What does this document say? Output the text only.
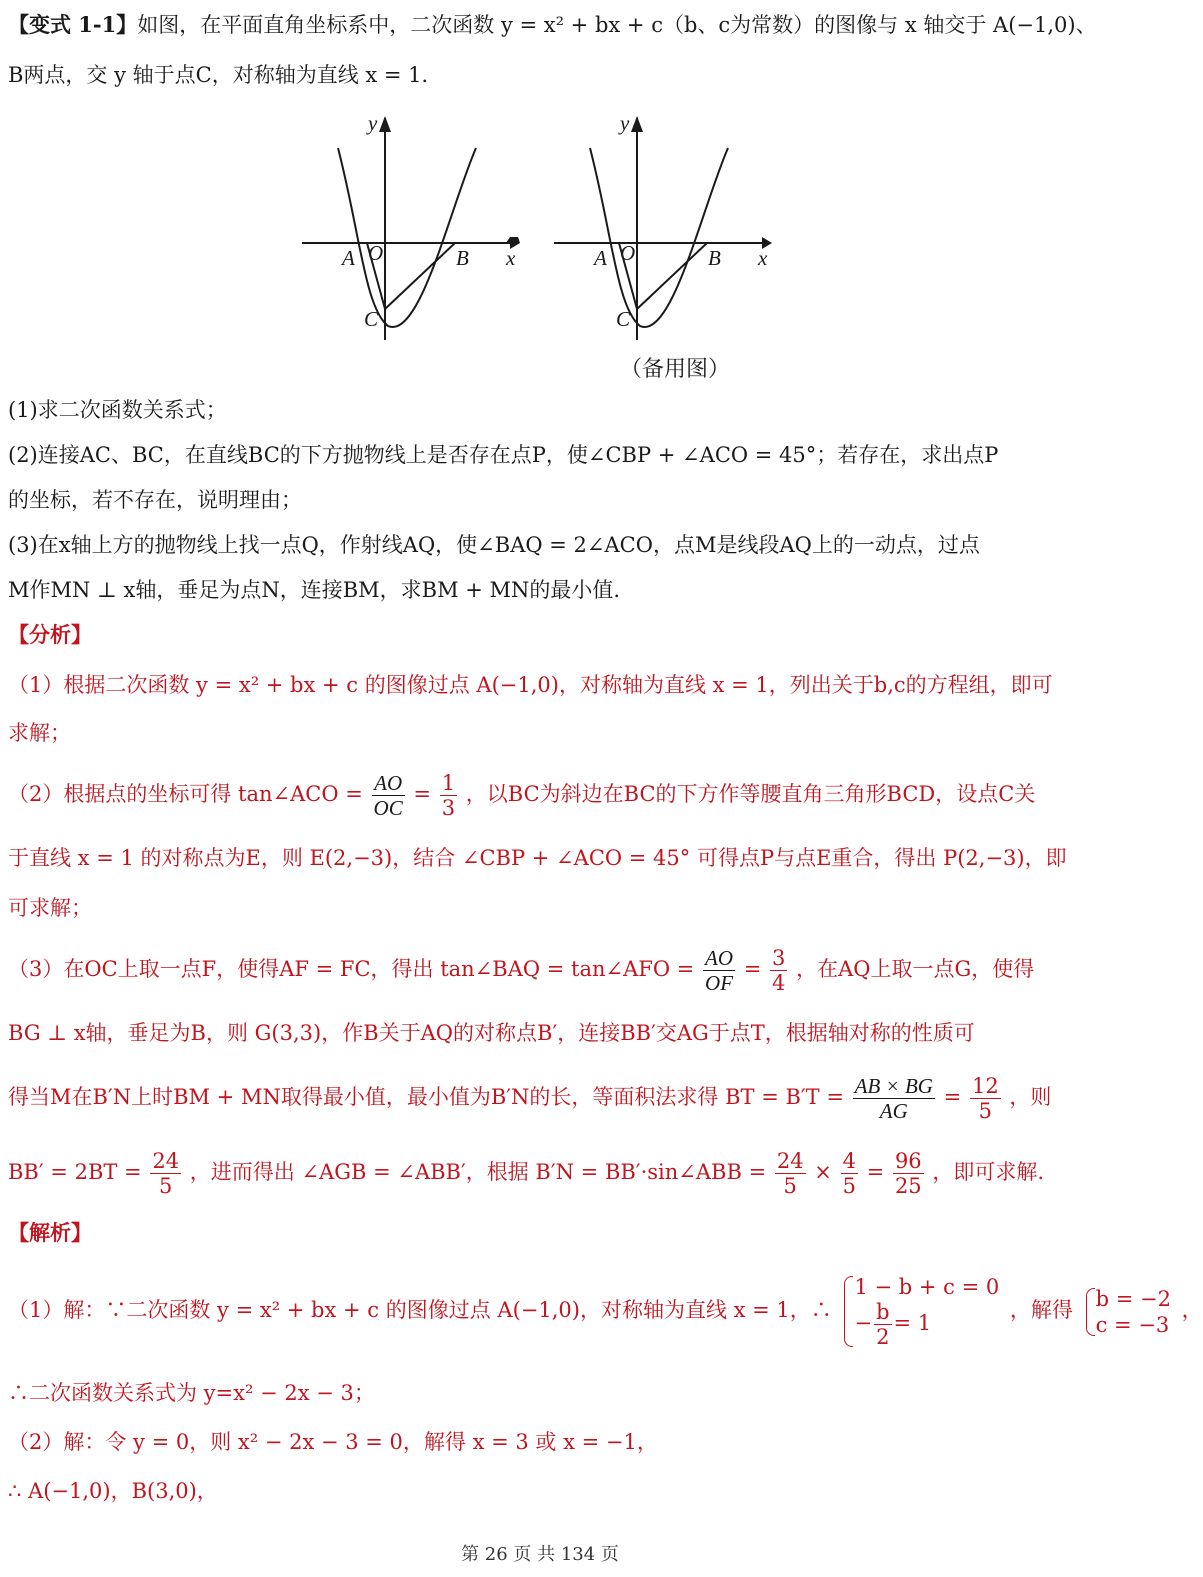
【变式 1-1】如图，在平面直角坐标系中，二次函数 y = x² + bx + c（b、c为常数）的图像与 x 轴交于 A(−1,0)、
B两点，交 y 轴于点C，对称轴为直线 x = 1．
y
x
A O	B
C
y
x
A O	B
C
（备用图）
(1)求二次函数关系式；
(2)连接AC、BC，在直线BC的下方抛物线上是否存在点P，使∠CBP + ∠ACO = 45°；若存在，求出点P
的坐标，若不存在，说明理由；
(3)在x轴上方的抛物线上找一点Q，作射线AQ，使∠BAQ = 2∠ACO，点M是线段AQ上的一动点，过点
M作MN ⊥ x轴，垂足为点N，连接BM，求BM + MN的最小值.
【分析】
（1）根据二次函数 y = x² + bx + c 的图像过点 A(−1,0)，对称轴为直线 x = 1，列出关于b,c的方程组，即可
求解；
（2）根据点的坐标可得 tan∠ACO = $\frac{AO}{OC} = \frac{1}{3}$ ，以BC为斜边在BC的下方作等腰直角三角形BCD，设点C关
于直线 x = 1 的对称点为E，则 E(2,−3)，结合 ∠CBP + ∠ACO = 45° 可得点P与点E重合，得出 P(2,−3)，即
可求解；
（3）在OC上取一点F，使得AF = FC，得出 tan∠BAQ = tan∠AFO = $\frac{AO}{OF} = \frac{3}{4}$ ，在AQ上取一点G，使得
BG ⊥ x轴，垂足为B，则 G(3,3)，作B关于AQ的对称点B′，连接BB′交AG于点T，根据轴对称的性质可
得当M在B′N上时BM + MN取得最小值，最小值为B′N的长，等面积法求得 BT = $B'T = \frac{AB \times BG}{AG} = \frac{12}{5}$ ，则
$BB' = 2BT = \frac{24}{5}$ ，进而得出 ∠AGB = ∠ABB′，根据 B′N = BB′·sin∠ABB = $\frac{24}{5} \times \frac{4}{5} = \frac{96}{25}$ ，即可求解.
【解析】
（1）解：∵二次函数 y = x² + bx + c 的图像过点 A(−1,0)，对称轴为直线 x = 1，∴
1 − b + c = 0
− $\frac{b}{2} = 1$
，解得 b = −2
c = −3
，
∴二次函数关系式为 y=x² − 2x − 3；
（2）解：令 y = 0，则 x² − 2x − 3 = 0，解得 x = 3 或 x = −1，
∴ A(−1,0)，B(3,0)，
第 26 页 共 134 页
